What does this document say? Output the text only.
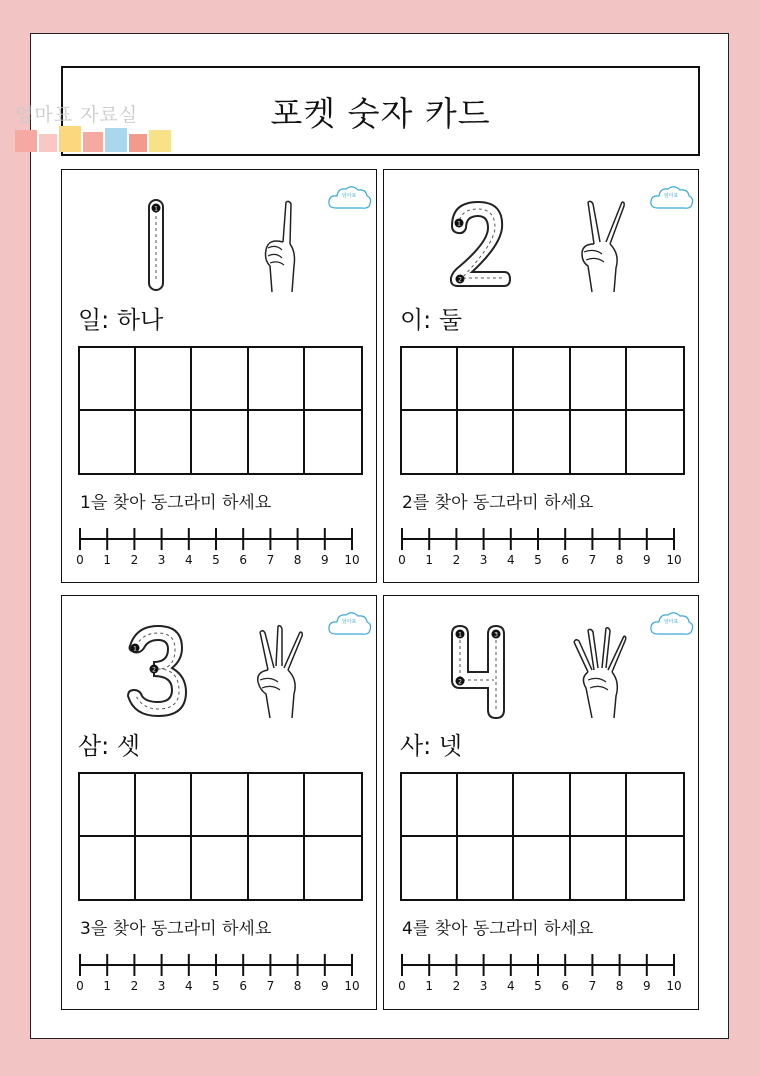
포켓 숫자 카드
엄마표 자료실
1
엄마표
일: 하나
1을 찾아 동그라미 하세요
0 1 2 3 4 5 6 7 8 9 10
1
2
엄마표
이: 둘
2를 찾아 동그라미 하세요
0 1 2 3 4 5 6 7 8 9 10
1
2
엄마표
삼: 셋
3을 찾아 동그라미 하세요
0 1 2 3 4 5 6 7 8 9 10
1
2
3
엄마표
사: 넷
4를 찾아 동그라미 하세요
0 1 2 3 4 5 6 7 8 9 10
